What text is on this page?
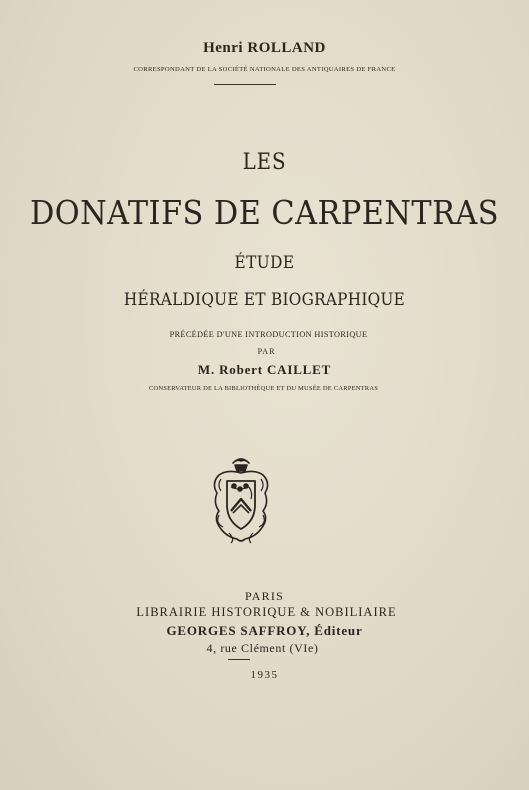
Henri ROLLAND
CORRESPONDANT DE LA SOCIÉTÉ NATIONALE DES ANTIQUAIRES DE FRANCE
LES
DONATIFS DE CARPENTRAS
ÉTUDE
HÉRALDIQUE ET BIOGRAPHIQUE
PRÉCÉDÉE D'UNE INTRODUCTION HISTORIQUE
PAR
M. Robert CAILLET
CONSERVATEUR DE LA BIBLIOTHÈQUE ET DU MUSÉE DE CARPENTRAS
PARIS
LIBRAIRIE HISTORIQUE & NOBILIAIRE
GEORGES SAFFROY, Éditeur
4, rue Clément (VIe)
1935
